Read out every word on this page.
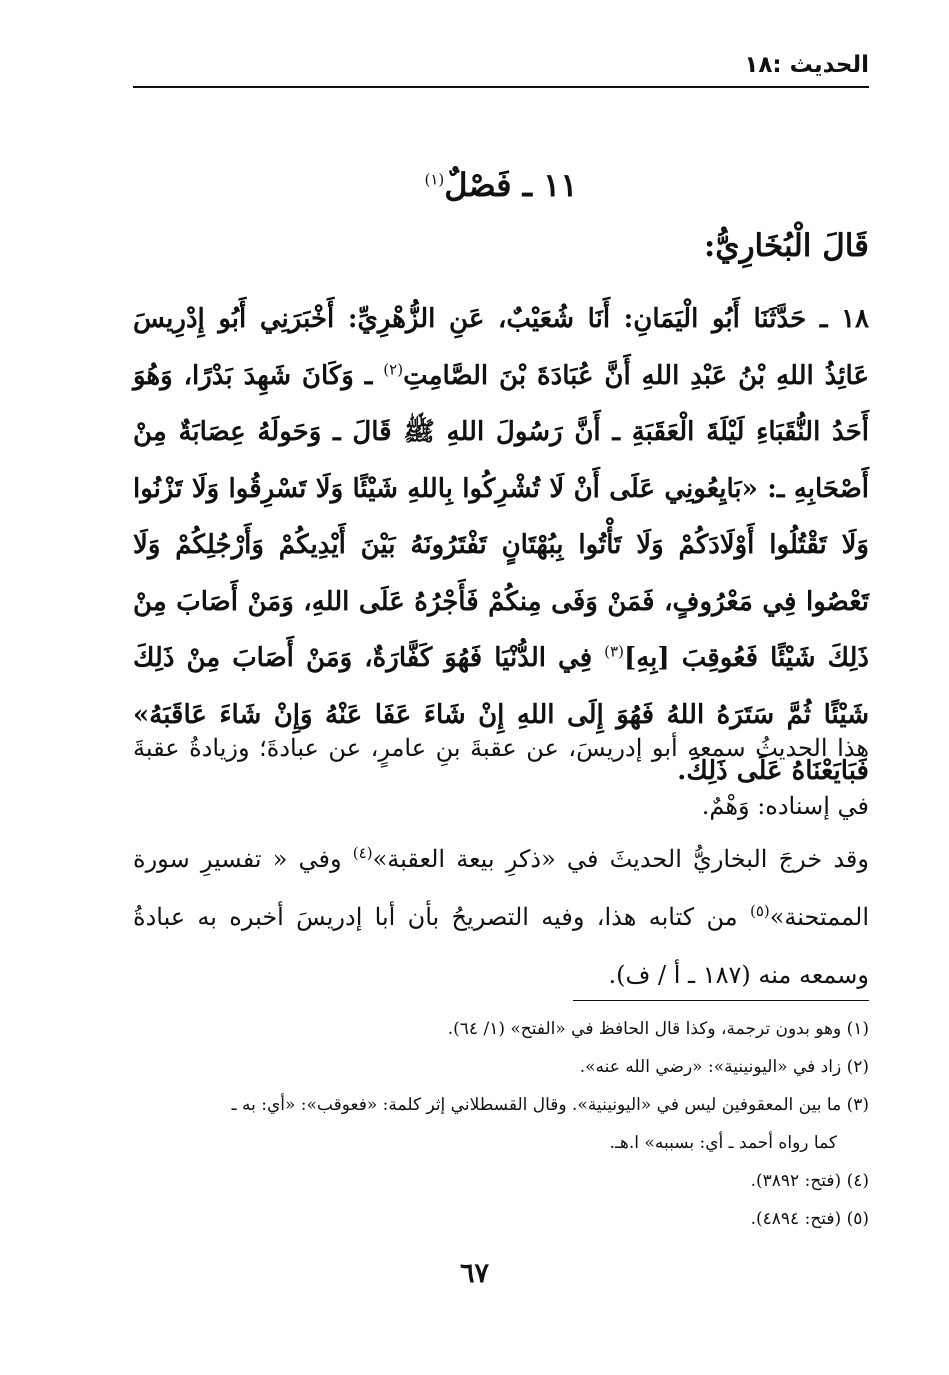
الحديث :١٨
١١ ـ فَصْلٌ$^{(١)}$
قَالَ الْبُخَارِيُّ:
١٨ ـ حَدَّثَنَا أَبُو الْيَمَانِ: أَنَا شُعَيْبٌ، عَنِ الزُّهْرِيِّ: أَخْبَرَنِي أَبُو إِدْرِيسَ عَائِذُ اللهِ بْنُ عَبْدِ اللهِ أَنَّ عُبَادَةَ بْنَ الصَّامِتِ$^{(٢)}$ ـ وَكَانَ شَهِدَ بَدْرًا، وَهُوَ أَحَدُ النُّقَبَاءِ لَيْلَةَ الْعَقَبَةِ ـ أَنَّ رَسُولَ اللهِ ﷺ قَالَ ـ وَحَولَهُ عِصَابَةٌ مِنْ أَصْحَابِهِ ـ: «بَايِعُونِي عَلَى أَنْ لَا تُشْرِكُوا بِاللهِ شَيْئًا وَلَا تَسْرِقُوا وَلَا تَزْنُوا وَلَا تَقْتُلُوا أَوْلَادَكُمْ وَلَا تَأْتُوا بِبُهْتَانٍ تَفْتَرُونَهُ بَيْنَ أَيْدِيكُمْ وَأَرْجُلِكُمْ وَلَا تَعْصُوا فِي مَعْرُوفٍ، فَمَنْ وَفَى مِنكُمْ فَأَجْرُهُ عَلَى اللهِ، وَمَنْ أَصَابَ مِنْ ذَلِكَ شَيْئًا فَعُوقِبَ [بِهِ]$^{(٣)}$ فِي الدُّنْيَا فَهُوَ كَفَّارَةٌ، وَمَنْ أَصَابَ مِنْ ذَلِكَ شَيْئًا ثُمَّ سَتَرَهُ اللهُ فَهُوَ إِلَى اللهِ إِنْ شَاءَ عَفَا عَنْهُ وَإِنْ شَاءَ عَاقَبَهُ» فَبَايَعْنَاهُ عَلَى ذَلِكَ.
هذا الحديثُ سمعه أبو إدريسَ، عن عقبةَ بنِ عامرٍ، عن عبادةَ؛ وزيادةُ عقبةَ في إسناده: وَهْمٌ.
وقد خرجَ البخاريُّ الحديثَ في «ذكرِ بيعة العقبة»$^{(٤)}$ وفي « تفسيرِ سورة الممتحنة»$^{(٥)}$ من كتابه هذا، وفيه التصريحُ بأن أبا إدريسَ أخبره به عبادةُ وسمعه منه (١٨٧ ـ أ / ف).
(١) وهو بدون ترجمة، وكذا قال الحافظ في «الفتح» (١/ ٦٤).
(٢) زاد في «اليونينية»: «رضي الله عنه».
(٣) ما بين المعقوفين ليس في «اليونينية». وقال القسطلاني إثر كلمة: «فعوقب»: «أي: به ـ
كما رواه أحمد ـ أي: بسببه» ا.هـ.
(٤) (فتح: ٣٨٩٢).
(٥) (فتح: ٤٨٩٤).
٦٧
